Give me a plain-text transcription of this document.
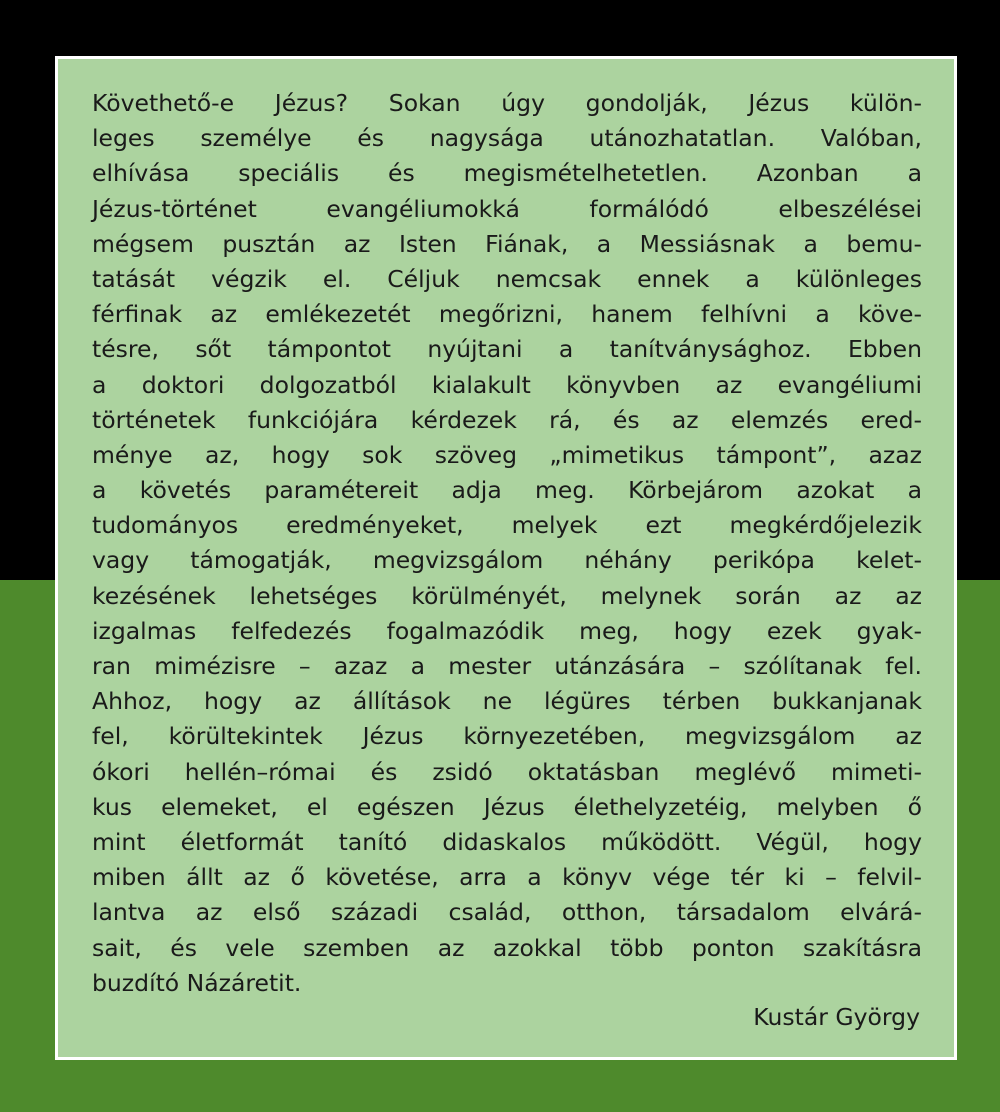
Követhető-e Jézus? Sokan úgy gondolják, Jézus külön-
leges személye és nagysága utánozhatatlan. Valóban,
elhívása speciális és megismételhetetlen. Azonban a
Jézus-történet evangéliumokká formálódó elbeszélései
mégsem pusztán az Isten Fiának, a Messiásnak a bemu-
tatását végzik el. Céljuk nemcsak ennek a különleges
férfinak az emlékezetét megőrizni, hanem felhívni a köve-
tésre, sőt támpontot nyújtani a tanítványsághoz. Ebben
a doktori dolgozatból kialakult könyvben az evangéliumi
történetek funkciójára kérdezek rá, és az elemzés ered-
ménye az, hogy sok szöveg „mimetikus támpont”, azaz
a követés paramétereit adja meg. Körbejárom azokat a
tudományos eredményeket, melyek ezt megkérdőjelezik
vagy támogatják, megvizsgálom néhány perikópa kelet-
kezésének lehetséges körülményét, melynek során az az
izgalmas felfedezés fogalmazódik meg, hogy ezek gyak-
ran mimézisre – azaz a mester utánzására – szólítanak fel.
Ahhoz, hogy az állítások ne légüres térben bukkanjanak
fel, körültekintek Jézus környezetében, megvizsgálom az
ókori hellén–római és zsidó oktatásban meglévő mimeti-
kus elemeket, el egészen Jézus élethelyzetéig, melyben ő
mint életformát tanító didaskalos működött. Végül, hogy
miben állt az ő követése, arra a könyv vége tér ki – felvil-
lantva az első századi család, otthon, társadalom elvárá-
sait, és vele szemben az azokkal több ponton szakításra
buzdító Názáretit.
Kustár György
